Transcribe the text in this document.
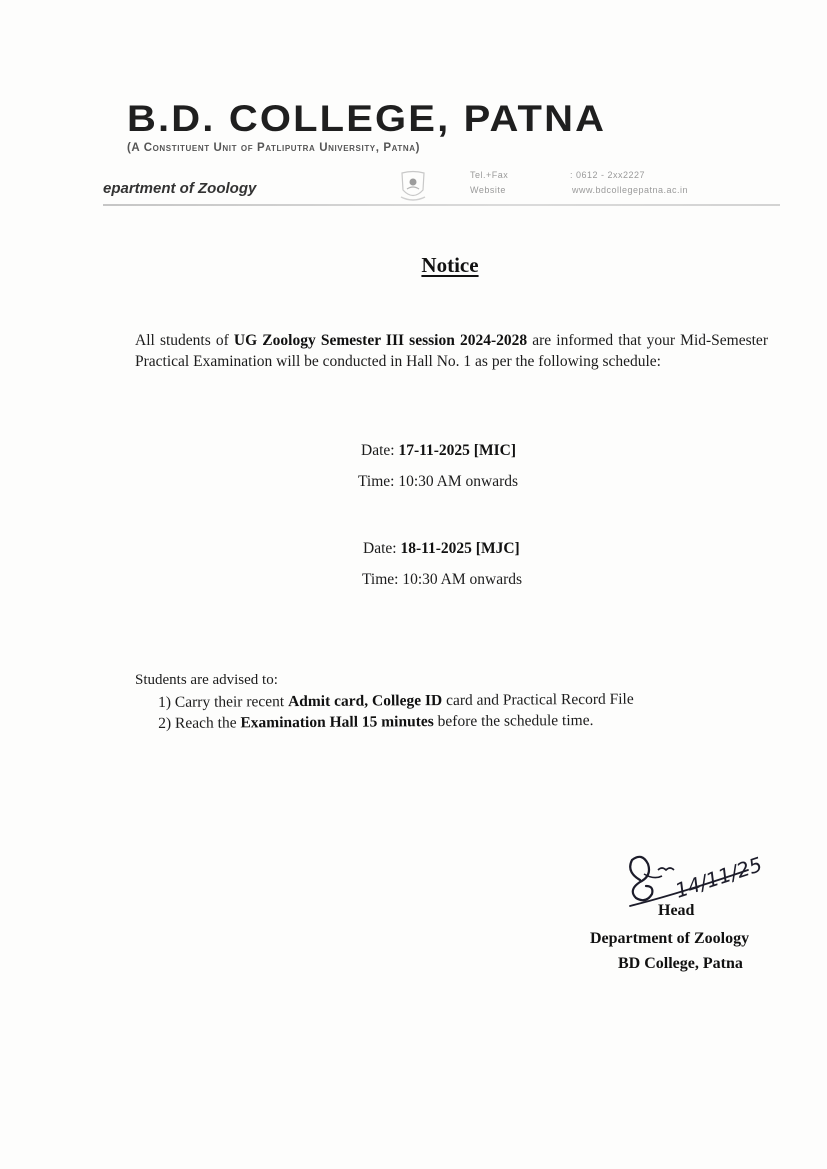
B.D. COLLEGE, PATNA
(A Constituent Unit of Patliputra University, Patna)
epartment of Zoology
Tel.+Fax	: 0612 - 2xx2227
Website	www.bdcollegepatna.ac.in
Notice
All students of UG Zoology Semester III session 2024-2028 are informed that your Mid-Semester Practical Examination will be conducted in Hall No. 1 as per the following schedule:
Date: 17-11-2025 [MIC]
Time: 10:30 AM onwards
Date: 18-11-2025 [MJC]
Time: 10:30 AM onwards
Students are advised to:
1) Carry their recent Admit card, College ID card and Practical Record File
2) Reach the Examination Hall 15 minutes before the schedule time.
14/11/25
Head
Department of Zoology
BD College, Patna
